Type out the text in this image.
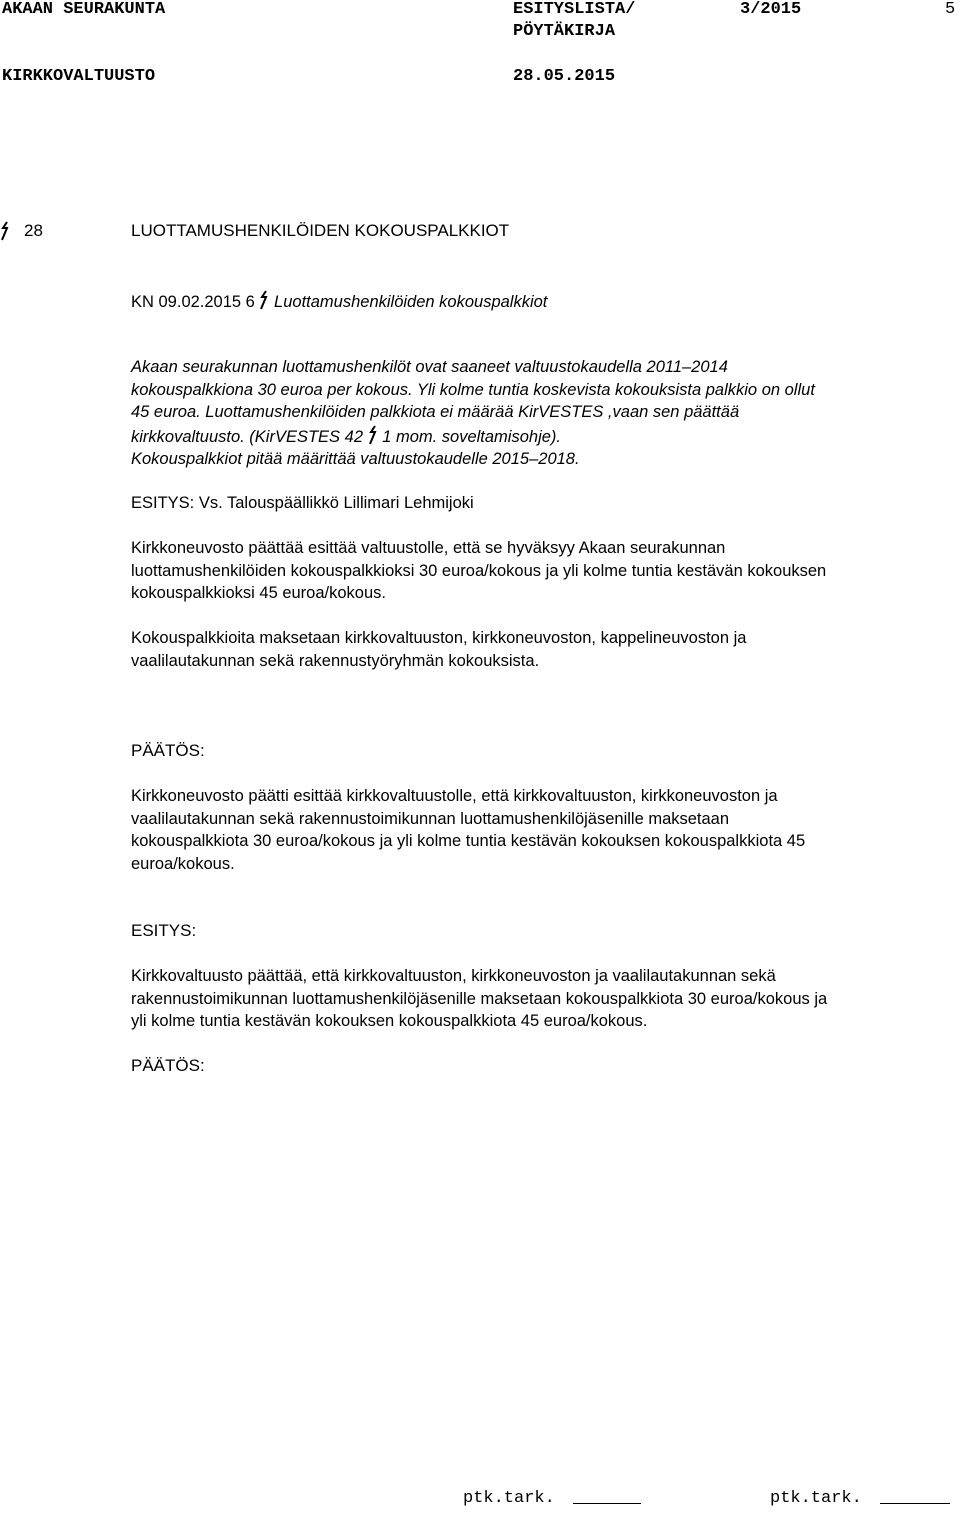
AKAAN SEURAKUNTA	ESITYSLISTA/
PÖYTÄKIRJA
3/2015	5
KIRKKOVALTUUSTO	28.05.2015
28	LUOTTAMUSHENKILÖIDEN KOKOUSPALKKIOT
KN 09.02.2015 6 Luottamushenkilöiden kokouspalkkiot
Akaan seurakunnan luottamushenkilöt ovat saaneet valtuustokaudella 2011–2014
kokouspalkkiona 30 euroa per kokous. Yli kolme tuntia koskevista kokouksista palkkio on ollut
45 euroa. Luottamushenkilöiden palkkiota ei määrää KirVESTES ,vaan sen päättää
kirkkovaltuusto. (KirVESTES 42 1 mom. soveltamisohje).
Kokouspalkkiot pitää määrittää valtuustokaudelle 2015–2018.
ESITYS: Vs. Talouspäällikkö Lillimari Lehmijoki
Kirkkoneuvosto päättää esittää valtuustolle, että se hyväksyy Akaan seurakunnan
luottamushenkilöiden kokouspalkkioksi 30 euroa/kokous ja yli kolme tuntia kestävän kokouksen
kokouspalkkioksi 45 euroa/kokous.
Kokouspalkkioita maksetaan kirkkovaltuuston, kirkkoneuvoston, kappelineuvoston ja
vaalilautakunnan sekä rakennustyöryhmän kokouksista.
PÄÄTÖS:
Kirkkoneuvosto päätti esittää kirkkovaltuustolle, että kirkkovaltuuston, kirkkoneuvoston ja
vaalilautakunnan sekä rakennustoimikunnan luottamushenkilöjäsenille maksetaan
kokouspalkkiota 30 euroa/kokous ja yli kolme tuntia kestävän kokouksen kokouspalkkiota 45
euroa/kokous.
ESITYS:
Kirkkovaltuusto päättää, että kirkkovaltuuston, kirkkoneuvoston ja vaalilautakunnan sekä
rakennustoimikunnan luottamushenkilöjäsenille maksetaan kokouspalkkiota 30 euroa/kokous ja
yli kolme tuntia kestävän kokouksen kokouspalkkiota 45 euroa/kokous.
PÄÄTÖS:
ptk.tark.	ptk.tark.
